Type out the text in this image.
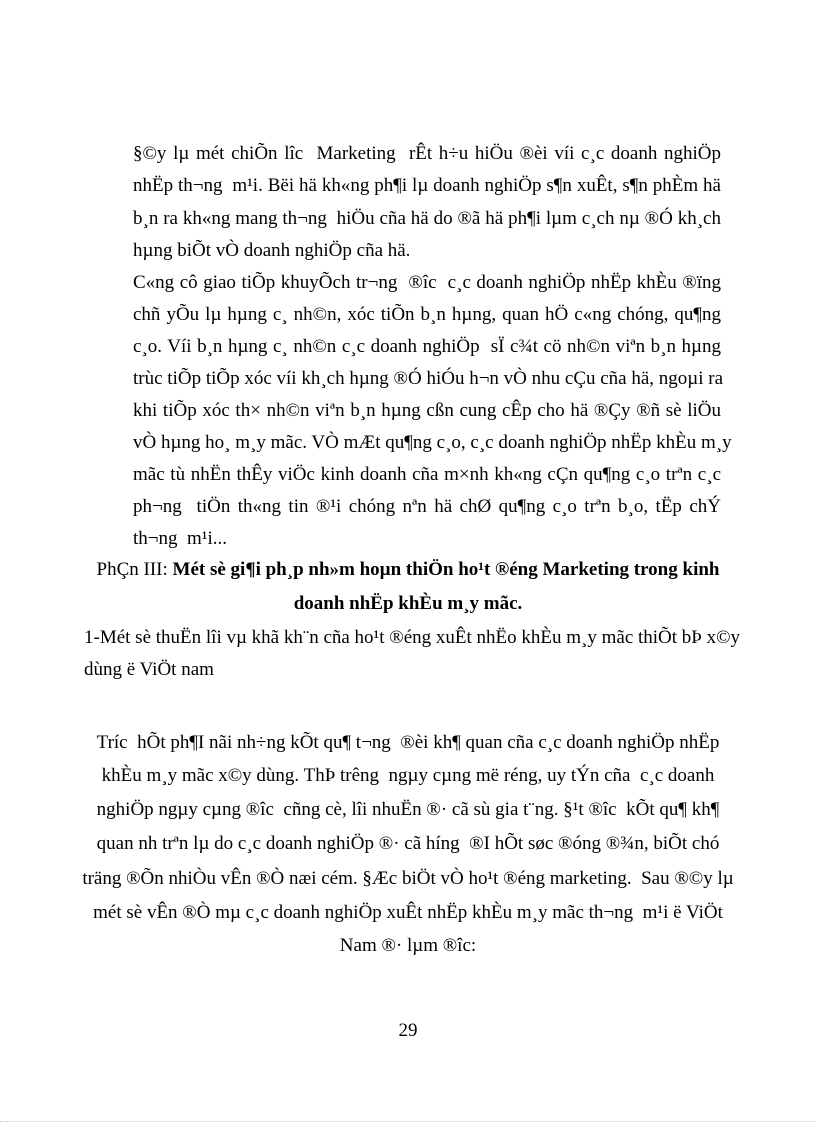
§©y lµ mét chiÕn lîc  Marketing  rÊt h÷u hiÖu ®èi víi c¸c doanh nghiÖp
nhËp th¬ng  m¹i. Bëi hä kh«ng ph¶i lµ doanh nghiÖp s¶n xuÊt, s¶n phÈm hä
b¸n ra kh«ng mang th¬ng  hiÖu cña hä do ®ã hä ph¶i lµm c¸ch nµ ®Ó kh¸ch
hµng biÕt vÒ doanh nghiÖp cña hä.
C«ng cô giao tiÕp khuyÕch tr¬ng  ®îc  c¸c doanh nghiÖp nhËp khÈu ®ïng
chñ yÕu lµ hµng c¸ nh©n, xóc tiÕn b¸n hµng, quan hÖ c«ng chóng, qu¶ng
c¸o. Víi b¸n hµng c¸ nh©n c¸c doanh nghiÖp  sÏ c¾t cö nh©n viªn b¸n hµng
trùc tiÕp tiÕp xóc víi kh¸ch hµng ®Ó hiÓu h¬n vÒ nhu cÇu cña hä, ngoµi ra
khi tiÕp xóc th× nh©n viªn b¸n hµng cßn cung cÊp cho hä ®Çy ®ñ sè liÖu
vÒ hµng ho¸ m¸y mãc. VÒ mÆt qu¶ng c¸o, c¸c doanh nghiÖp nhËp khÈu m¸y
mãc tù nhËn thÊy viÖc kinh doanh cña m×nh kh«ng cÇn qu¶ng c¸o trªn c¸c
ph¬ng  tiÖn th«ng tin ®¹i chóng nªn hä chØ qu¶ng c¸o trªn b¸o, tËp chÝ
th¬ng  m¹i...
PhÇn III: Mét sè gi¶i ph¸p nh»m hoµn thiÖn ho¹t ®éng Marketing trong kinh
doanh nhËp khÈu m¸y mãc.
1-Mét sè thuËn lîi vµ khã kh¨n cña ho¹t ®éng xuÊt nhËo khÈu m¸y mãc thiÕt bÞ x©y
dùng ë ViÖt nam
Tríc  hÕt ph¶I nãi nh÷ng kÕt qu¶ t¬ng  ®èi kh¶ quan cña c¸c doanh nghiÖp nhËp
khÈu m¸y mãc x©y dùng. ThÞ trêng  ngµy cµng më réng, uy tÝn cña  c¸c doanh
nghiÖp ngµy cµng ®îc  cñng cè, lîi nhuËn ®· cã sù gia t¨ng. §¹t ®îc  kÕt qu¶ kh¶
quan nh trªn lµ do c¸c doanh nghiÖp ®· cã híng  ®I hÕt søc ®óng ®¾n, biÕt chó
träng ®Õn nhiÒu vÊn ®Ò næi cém. §Æc biÖt vÒ ho¹t ®éng marketing.  Sau ®©y lµ
mét sè vÊn ®Ò mµ c¸c doanh nghiÖp xuÊt nhËp khÈu m¸y mãc th¬ng  m¹i ë ViÖt
Nam ®· lµm ®îc:
29
